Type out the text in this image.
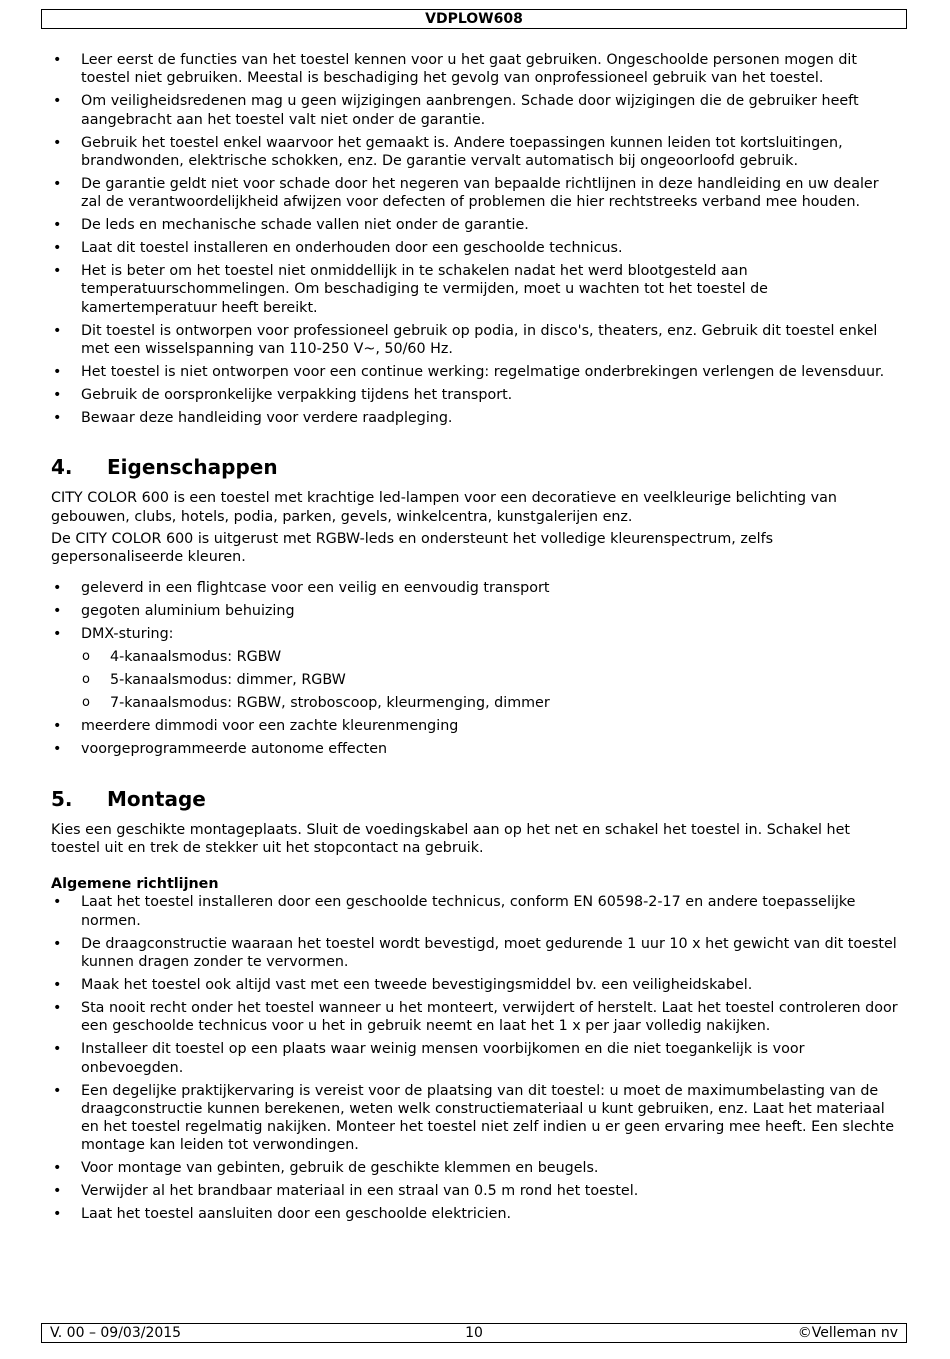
VDPLOW608
• Leer eerst de functies van het toestel kennen voor u het gaat gebruiken. Ongeschoolde personen mogen dit toestel niet gebruiken. Meestal is beschadiging het gevolg van onprofessioneel gebruik van het toestel.
• Om veiligheidsredenen mag u geen wijzigingen aanbrengen. Schade door wijzigingen die de gebruiker heeft aangebracht aan het toestel valt niet onder de garantie.
• Gebruik het toestel enkel waarvoor het gemaakt is. Andere toepassingen kunnen leiden tot kortsluitingen, brandwonden, elektrische schokken, enz. De garantie vervalt automatisch bij ongeoorloofd gebruik.
• De garantie geldt niet voor schade door het negeren van bepaalde richtlijnen in deze handleiding en uw dealer zal de verantwoordelijkheid afwijzen voor defecten of problemen die hier rechtstreeks verband mee houden.
• De leds en mechanische schade vallen niet onder de garantie.
• Laat dit toestel installeren en onderhouden door een geschoolde technicus.
• Het is beter om het toestel niet onmiddellijk in te schakelen nadat het werd blootgesteld aan temperatuurschommelingen. Om beschadiging te vermijden, moet u wachten tot het toestel de kamertemperatuur heeft bereikt.
• Dit toestel is ontworpen voor professioneel gebruik op podia, in disco's, theaters, enz. Gebruik dit toestel enkel met een wisselspanning van 110-250 V~, 50/60 Hz.
• Het toestel is niet ontworpen voor een continue werking: regelmatige onderbrekingen verlengen de levensduur.
• Gebruik de oorspronkelijke verpakking tijdens het transport.
• Bewaar deze handleiding voor verdere raadpleging.
4. Eigenschappen

CITY COLOR 600 is een toestel met krachtige led-lampen voor een decoratieve en veelkleurige belichting van gebouwen, clubs, hotels, podia, parken, gevels, winkelcentra, kunstgalerijen enz.

De CITY COLOR 600 is uitgerust met RGBW-leds en ondersteunt het volledige kleurenspectrum, zelfs gepersonaliseerde kleuren.

• geleverd in een flightcase voor een veilig en eenvoudig transport
• gegoten aluminium behuizing
• DMX-sturing:
o 4-kanaalsmodus: RGBW
o 5-kanaalsmodus: dimmer, RGBW
o 7-kanaalsmodus: RGBW, stroboscoop, kleurmenging, dimmer
• meerdere dimmodi voor een zachte kleurenmenging
• voorgeprogrammeerde autonome effecten
5. Montage

Kies een geschikte montageplaats. Sluit de voedingskabel aan op het net en schakel het toestel in. Schakel het toestel uit en trek de stekker uit het stopcontact na gebruik.

Algemene richtlijnen
• Laat het toestel installeren door een geschoolde technicus, conform EN 60598-2-17 en andere toepasselijke normen.
• De draagconstructie waaraan het toestel wordt bevestigd, moet gedurende 1 uur 10 x het gewicht van dit toestel kunnen dragen zonder te vervormen.
• Maak het toestel ook altijd vast met een tweede bevestigingsmiddel bv. een veiligheidskabel.
• Sta nooit recht onder het toestel wanneer u het monteert, verwijdert of herstelt. Laat het toestel controleren door een geschoolde technicus voor u het in gebruik neemt en laat het 1 x per jaar volledig nakijken.
• Installeer dit toestel op een plaats waar weinig mensen voorbijkomen en die niet toegankelijk is voor onbevoegden.
• Een degelijke praktijkervaring is vereist voor de plaatsing van dit toestel: u moet de maximumbelasting van de draagconstructie kunnen berekenen, weten welk constructiemateriaal u kunt gebruiken, enz. Laat het materiaal en het toestel regelmatig nakijken. Monteer het toestel niet zelf indien u er geen ervaring mee heeft. Een slechte montage kan leiden tot verwondingen.
• Voor montage van gebinten, gebruik de geschikte klemmen en beugels.
• Verwijder al het brandbaar materiaal in een straal van 0.5 m rond het toestel.
• Laat het toestel aansluiten door een geschoolde elektricien.
V. 00 – 09/03/2015	10	©Velleman nv
